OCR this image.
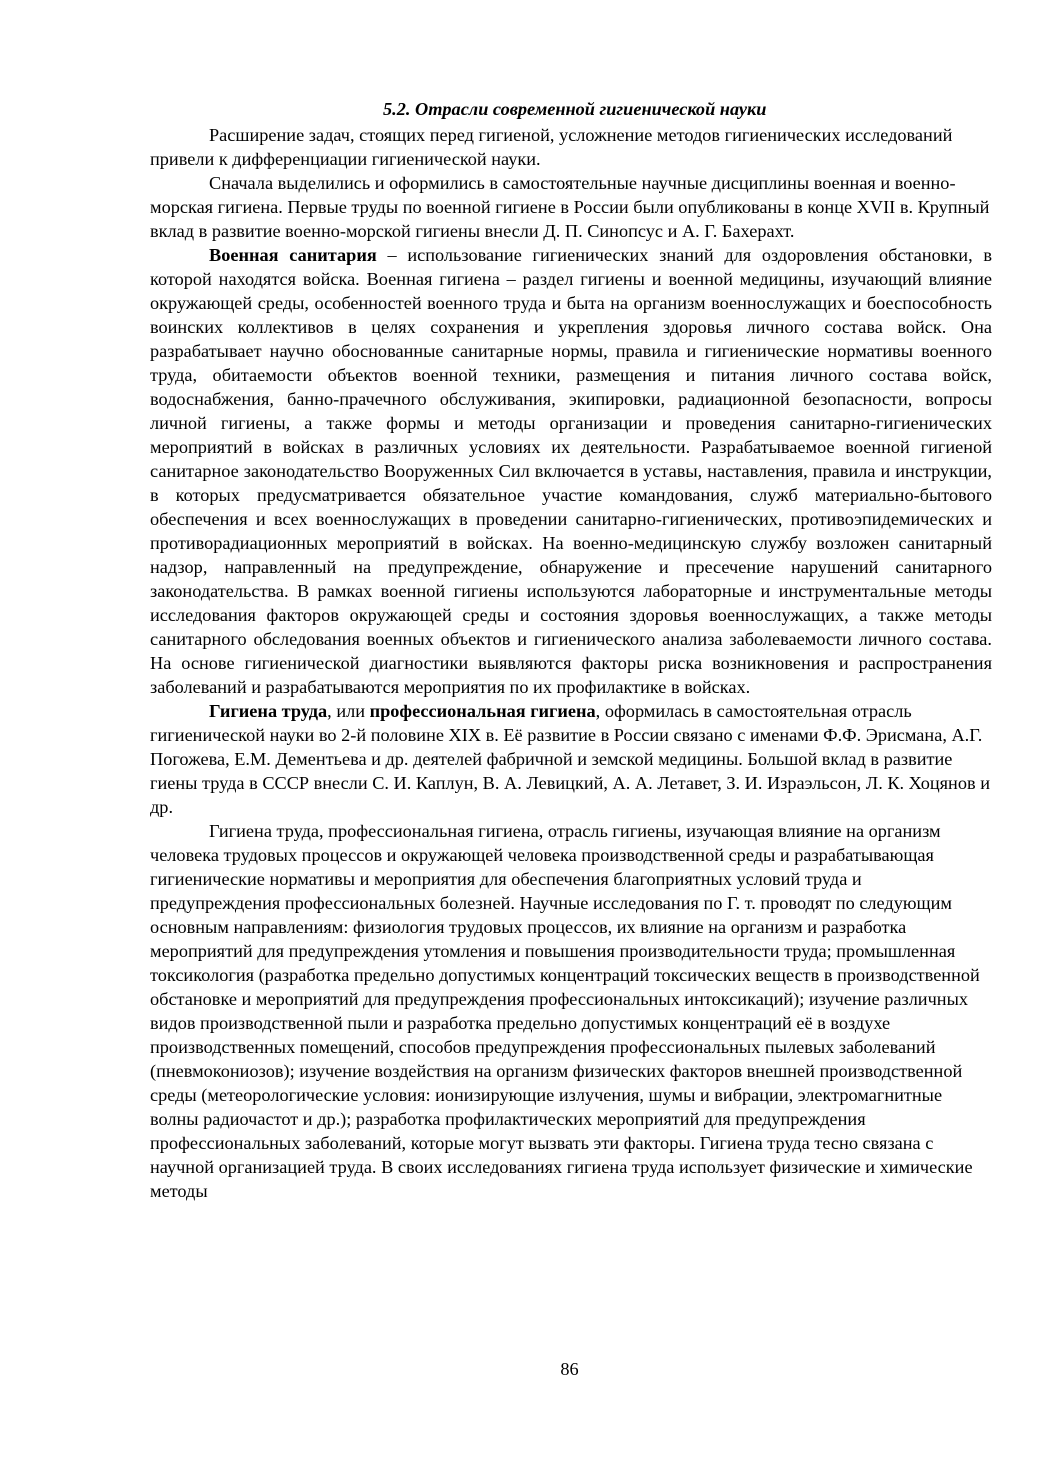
5.2. Отрасли современной гигиенической науки

Расширение задач, стоящих перед гигиеной, усложнение методов гигиенических исследований привели к дифференциации гигиенической науки.

Сначала выделились и оформились в самостоятельные научные дисциплины военная и военно-морская гигиена. Первые труды по военной гигиене в России были опубликованы в конце XVII в. Крупный вклад в развитие военно-морской гигиены внесли Д. П. Синопсус и А. Г. Бахерахт.

Военная санитария – использование гигиенических знаний для оздоровления обстановки, в которой находятся войска. Военная гигиена – раздел гигиены и военной медицины, изучающий влияние окружающей среды, особенностей военного труда и быта на организм военнослужащих и боеспособность воинских коллективов в целях сохранения и укрепления здоровья личного состава войск. Она разрабатывает научно обоснованные санитарные нормы, правила и гигиенические нормативы военного труда, обитаемости объектов военной техники, размещения и питания личного состава войск, водоснабжения, банно-прачечного обслуживания, экипировки, радиационной безопасности, вопросы личной гигиены, а также формы и методы организации и проведения санитарно-гигиенических мероприятий в войсках в различных условиях их деятельности. Разрабатываемое военной гигиеной санитарное законодательство Вооруженных Сил включается в уставы, наставления, правила и инструкции, в которых предусматривается обязательное участие командования, служб материально-бытового обеспечения и всех военнослужащих в проведении санитарно-гигиенических, противоэпидемических и противорадиационных мероприятий в войсках. На военно-медицинскую службу возложен санитарный надзор, направленный на предупреждение, обнаружение и пресечение нарушений санитарного законодательства. В рамках военной гигиены используются лабораторные и инструментальные методы исследования факторов окружающей среды и состояния здоровья военнослужащих, а также методы санитарного обследования военных объектов и гигиенического анализа заболеваемости личного состава. На основе гигиенической диагностики выявляются факторы риска возникновения и распространения заболеваний и разрабатываются мероприятия по их профилактике в войсках.

Гигиена труда, или профессиональная гигиена, оформилась в самостоятельная отрасль гигиенической науки во 2-й половине XIX в. Её развитие в России связано с именами Ф.Ф. Эрисмана, А.Г. Погожева, Е.М. Дементьева и др. деятелей фабричной и земской медицины. Большой вклад в развитие гиены труда в СССР внесли С. И. Каплун, В. А. Левицкий, А. А. Летавет, З. И. Израэльсон, Л. К. Хоцянов и др.

Гигиена труда, профессиональная гигиена, отрасль гигиены, изучающая влияние на организм человека трудовых процессов и окружающей человека производственной среды и разрабатывающая гигиенические нормативы и мероприятия для обеспечения благоприятных условий труда и предупреждения профессиональных болезней. Научные исследования по Г. т. проводят по следующим основным направлениям: физиология трудовых процессов, их влияние на организм и разработка мероприятий для предупреждения утомления и повышения производительности труда; промышленная токсикология (разработка предельно допустимых концентраций токсических веществ в производственной обстановке и мероприятий для предупреждения профессиональных интоксикаций); изучение различных видов производственной пыли и разработка предельно допустимых концентраций её в воздухе производственных помещений, способов предупреждения профессиональных пылевых заболеваний (пневмокониозов); изучение воздействия на организм физических факторов внешней производственной среды (метеорологические условия: ионизирующие излучения, шумы и вибрации, электромагнитные волны радиочастот и др.); разработка профилактических мероприятий для предупреждения профессиональных заболеваний, которые могут вызвать эти факторы. Гигиена труда тесно связана с научной организацией труда. В своих исследованиях гигиена труда использует физические и химические методы

86
